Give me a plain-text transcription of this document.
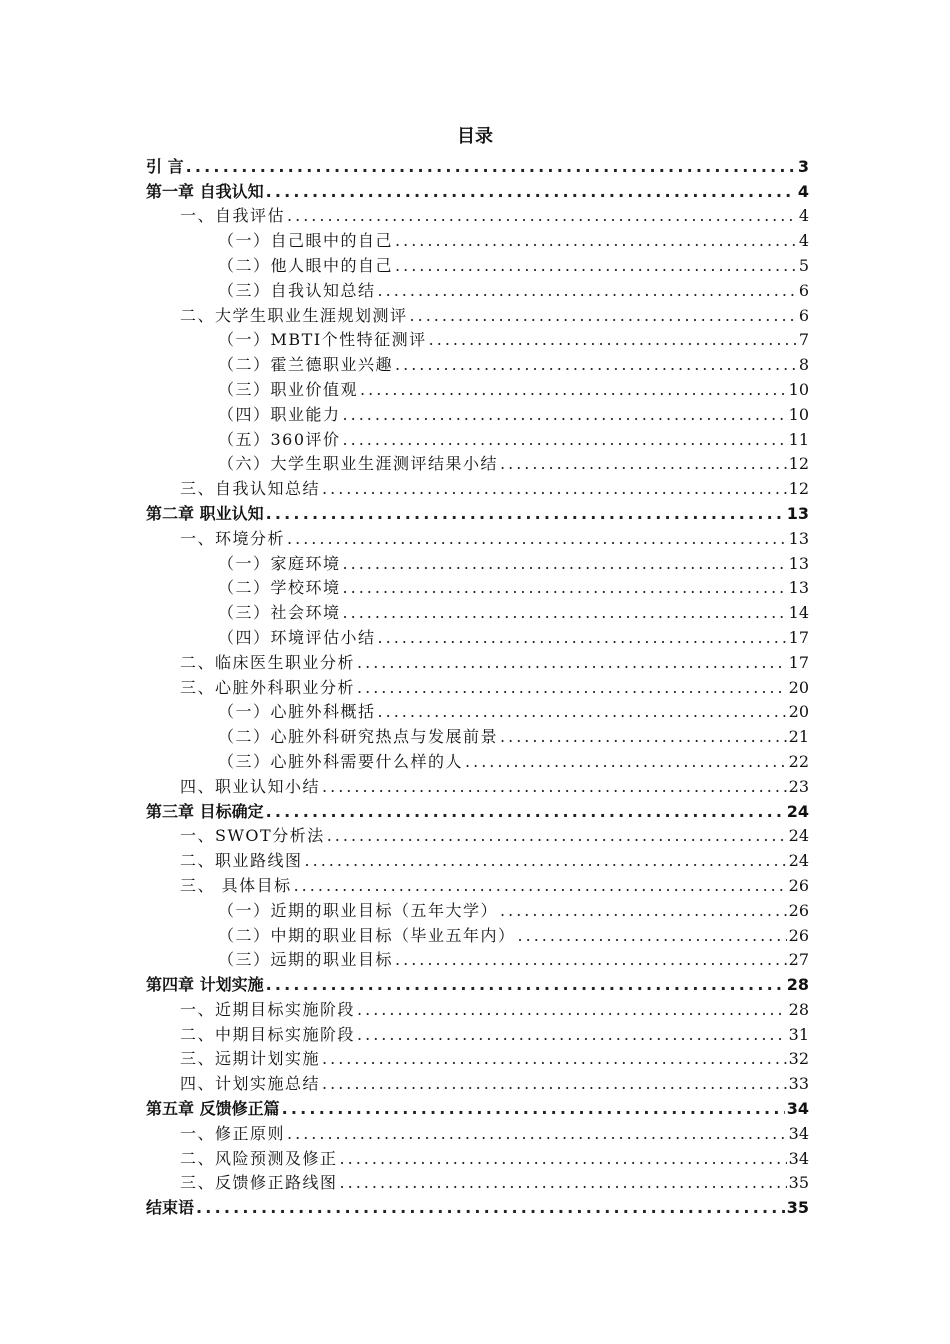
目录
引 言 .....	3
第一章 自我认知 .....	4
一、自我评估 .....	4
（一）自己眼中的自己 .....	4
（二）他人眼中的自己 .....	5
（三）自我认知总结 .....	6
二、大学生职业生涯规划测评 .....	6
（一）MBTI个性特征测评 .....	7
（二）霍兰德职业兴趣 .....	8
（三）职业价值观 .....	10
（四）职业能力 .....	10
（五）360评价 .....	11
（六）大学生职业生涯测评结果小结 .....	12
三、自我认知总结 .....	12
第二章 职业认知 .....	13
一、环境分析 .....	13
（一）家庭环境 .....	13
（二）学校环境 .....	13
（三）社会环境 .....	14
（四）环境评估小结 .....	17
二、临床医生职业分析 .....	17
三、心脏外科职业分析 .....	20
（一）心脏外科概括 .....	20
（二）心脏外科研究热点与发展前景 .....	21
（三）心脏外科需要什么样的人 .....	22
四、职业认知小结 .....	23
第三章 目标确定 .....	24
一、SWOT分析法 .....	24
二、职业路线图 .....	24
三、 具体目标 .....	26
（一）近期的职业目标（五年大学） .....	26
（二）中期的职业目标（毕业五年内） .....	26
（三）远期的职业目标 .....	27
第四章 计划实施 .....	28
一、近期目标实施阶段 .....	28
二、中期目标实施阶段 .....	31
三、远期计划实施 .....	32
四、计划实施总结 .....	33
第五章 反馈修正篇 .....	34
一、修正原则 .....	34
二、风险预测及修正 .....	34
三、反馈修正路线图 .....	35
结束语 .....	35
